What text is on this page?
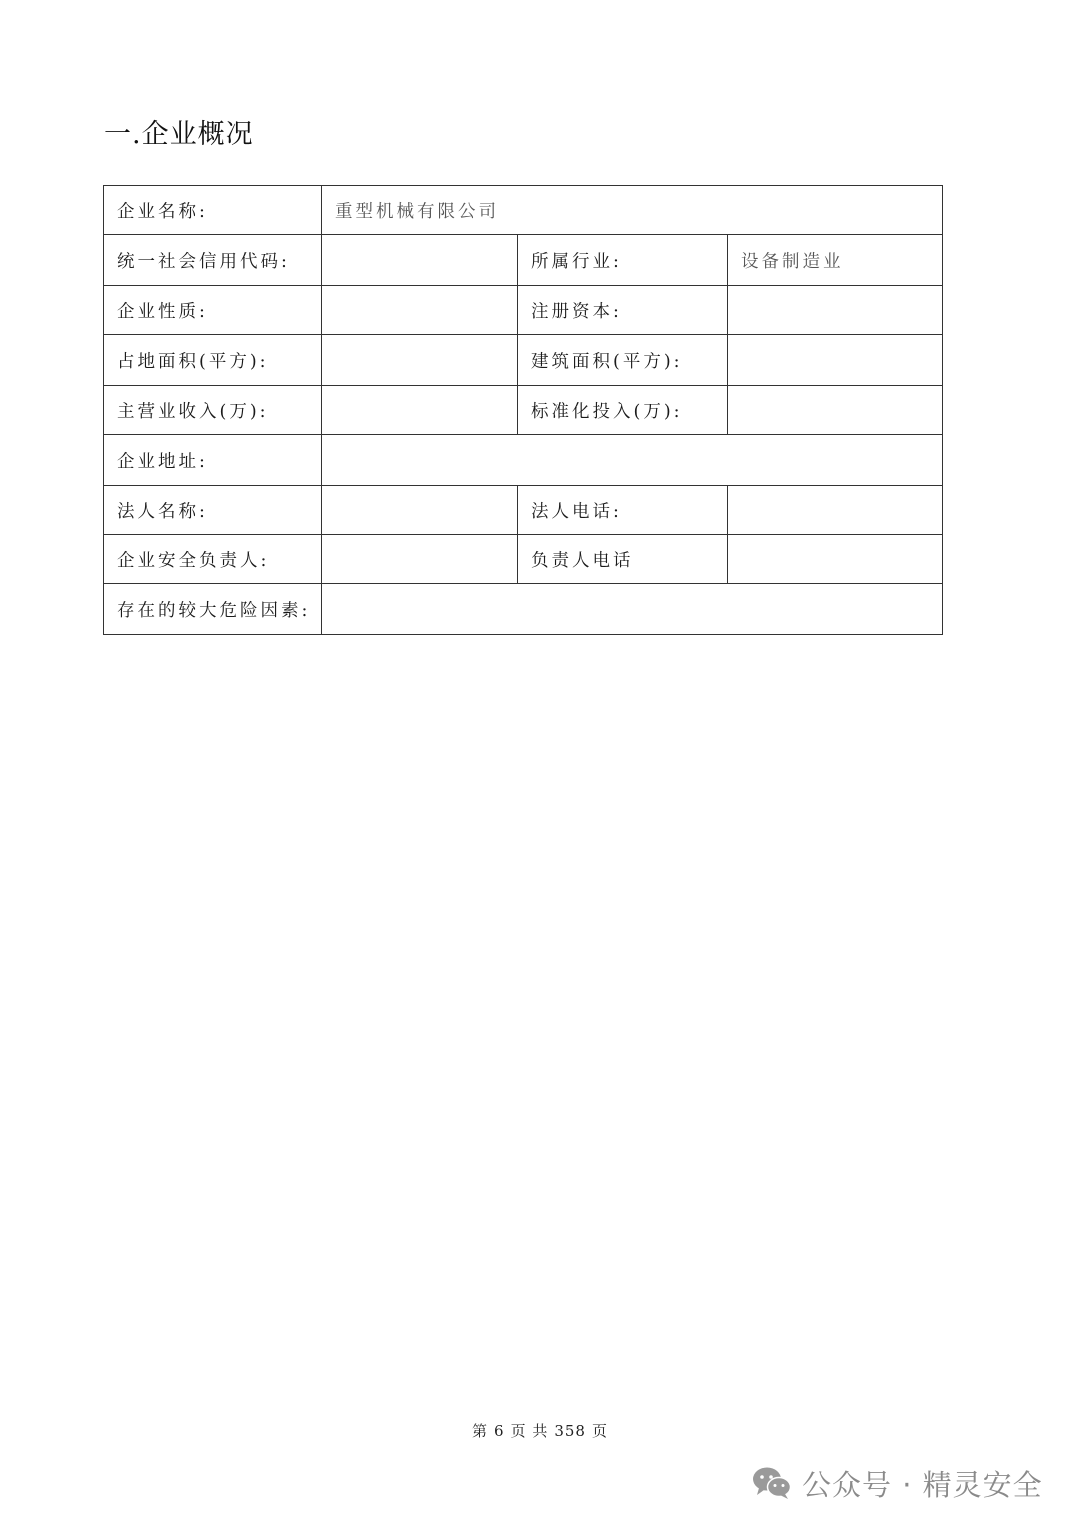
一.企业概况
企业名称:	重型机械有限公司		
统一社会信用代码:		所属行业:	设备制造业
企业性质:		注册资本:	
占地面积(平方):		建筑面积(平方):	
主营业收入(万):		标准化投入(万):	
企业地址:			
法人名称:		法人电话:	
企业安全负责人:		负责人电话	
存在的较大危险因素:			
第 6 页 共 358 页
公众号 · 精灵安全
